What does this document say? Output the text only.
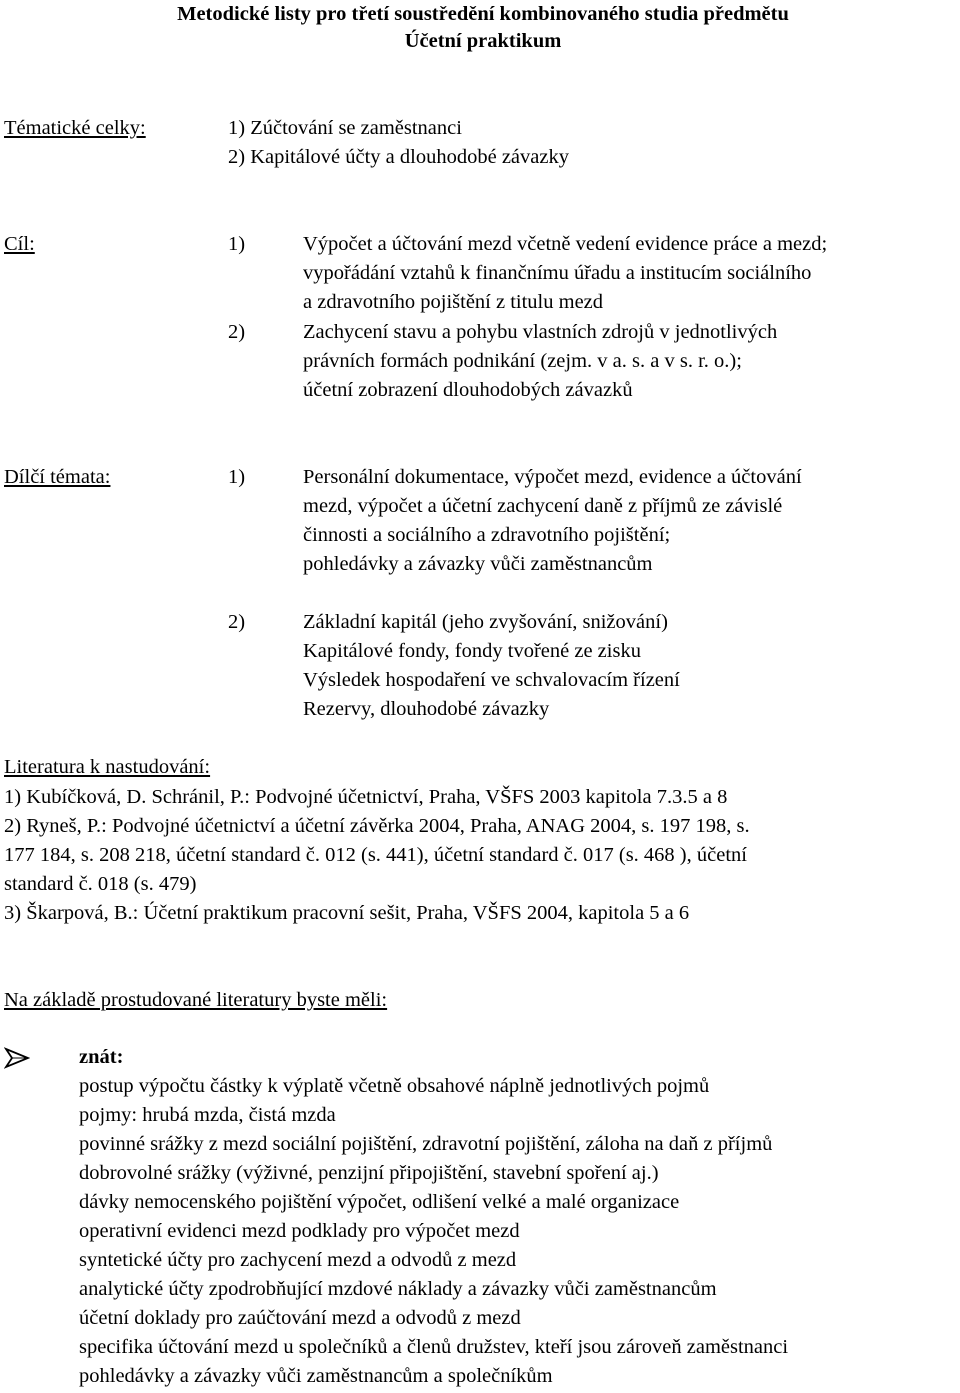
Metodické listy pro třetí soustředění kombinovaného studia předmětu
Účetní praktikum
Tématické celky:	1) Zúčtování se zaměstnanci
2) Kapitálové účty a dlouhodobé závazky
Cíl:	1)	Výpočet a účtování mezd včetně vedení evidence práce a mezd;
vypořádání vztahů k finančnímu úřadu a institucím sociálního
a zdravotního pojištění z titulu mezd
2)	Zachycení stavu a pohybu vlastních zdrojů v jednotlivých
právních formách podnikání (zejm. v a. s. a v s. r. o.);
účetní zobrazení dlouhodobých závazků
Dílčí témata:	1)	Personální dokumentace, výpočet mezd, evidence a účtování
mezd, výpočet a účetní zachycení daně z příjmů ze závislé
činnosti a sociálního a zdravotního pojištění;
pohledávky a závazky vůči zaměstnancům
2)	Základní kapitál (jeho zvyšování, snižování)
Kapitálové fondy, fondy tvořené ze zisku
Výsledek hospodaření ve schvalovacím řízení
Rezervy, dlouhodobé závazky
Literatura k nastudování:
1) Kubíčková, D. Schránil, P.: Podvojné účetnictví, Praha, VŠFS 2003 kapitola 7.3.5 a 8
2) Ryneš, P.: Podvojné účetnictví a účetní závěrka 2004, Praha, ANAG 2004, s. 197 198, s.
177 184, s. 208 218, účetní standard č. 012 (s. 441), účetní standard č. 017 (s. 468 ), účetní
standard č. 018 (s. 479)
3) Škarpová, B.: Účetní praktikum pracovní sešit, Praha, VŠFS 2004, kapitola 5 a 6
Na základě prostudované literatury byste měli:
znát:
postup výpočtu částky k výplatě včetně obsahové náplně jednotlivých pojmů
pojmy: hrubá mzda, čistá mzda
povinné srážky z mezd sociální pojištění, zdravotní pojištění, záloha na daň z příjmů
dobrovolné srážky (výživné, penzijní připojištění, stavební spoření aj.)
dávky nemocenského pojištění výpočet, odlišení velké a malé organizace
operativní evidenci mezd podklady pro výpočet mezd
syntetické účty pro zachycení mezd a odvodů z mezd
analytické účty zpodrobňující mzdové náklady a závazky vůči zaměstnancům
účetní doklady pro zaúčtování mezd a odvodů z mezd
specifika účtování mezd u společníků a členů družstev, kteří jsou zároveň zaměstnanci
pohledávky a závazky vůči zaměstnancům a společníkům
